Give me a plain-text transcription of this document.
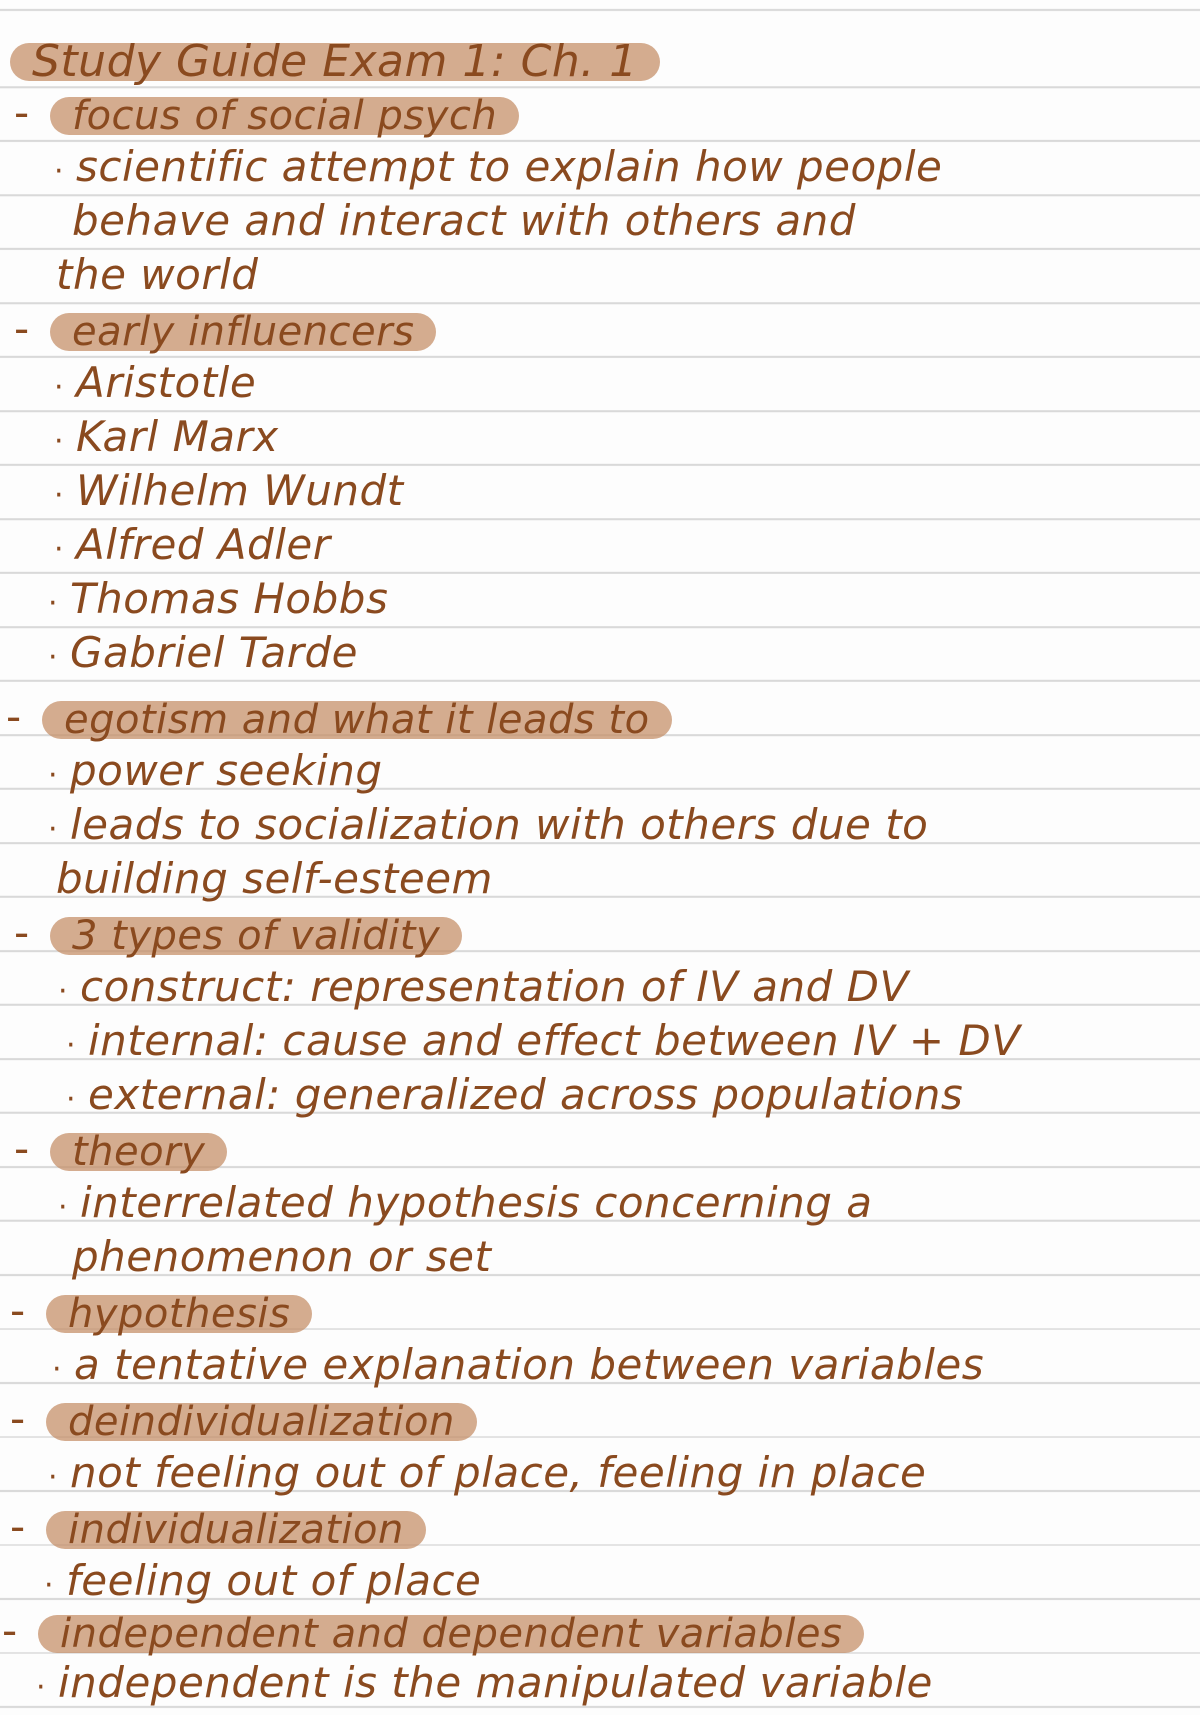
Study Guide Exam 1: Ch. 1
- focus of social psych
· scientific attempt to explain how people
behave and interact with others and
the world
- early influencers
· Aristotle
· Karl Marx
· Wilhelm Wundt
· Alfred Adler
· Thomas Hobbs
· Gabriel Tarde
- egotism and what it leads to
· power seeking
· leads to socialization with others due to
building self-esteem
- 3 types of validity
· construct: representation of IV and DV
· internal: cause and effect between IV + DV
· external: generalized across populations
- theory
· interrelated hypothesis concerning a
phenomenon or set
- hypothesis
· a tentative explanation between variables
- deindividualization
· not feeling out of place, feeling in place
- individualization
· feeling out of place
- independent and dependent variables
· independent is the manipulated variable
